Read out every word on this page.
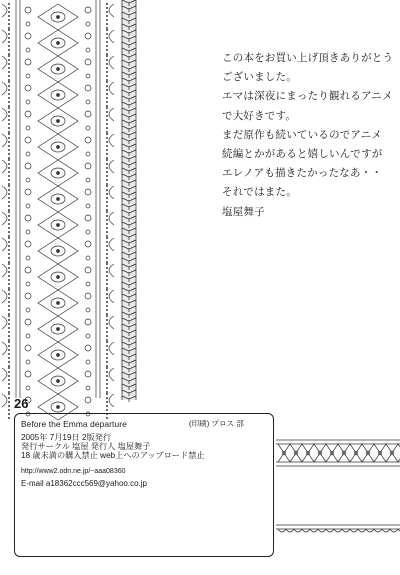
この本をお買い上げ頂きありがとう
ございました。
エマは深夜にまったり観れるアニメ
で大好きです。
まだ原作も続いているのでアニメ
続編とかがあると嬉しいんですが
エレノアも描きたかったなあ・・
それではまた。
塩屋舞子
26
Before the Emma departure	(印刷) プロス 部
2005年 7月19日 2版発行
発行サークル 塩屋 発行人 塩屋舞子
18 歳未満の購入禁止 web上へのアップロード禁止
http://www2.odn.ne.jp/~aaa08360
E-mail a18362ccc569@yahoo.co.jp
